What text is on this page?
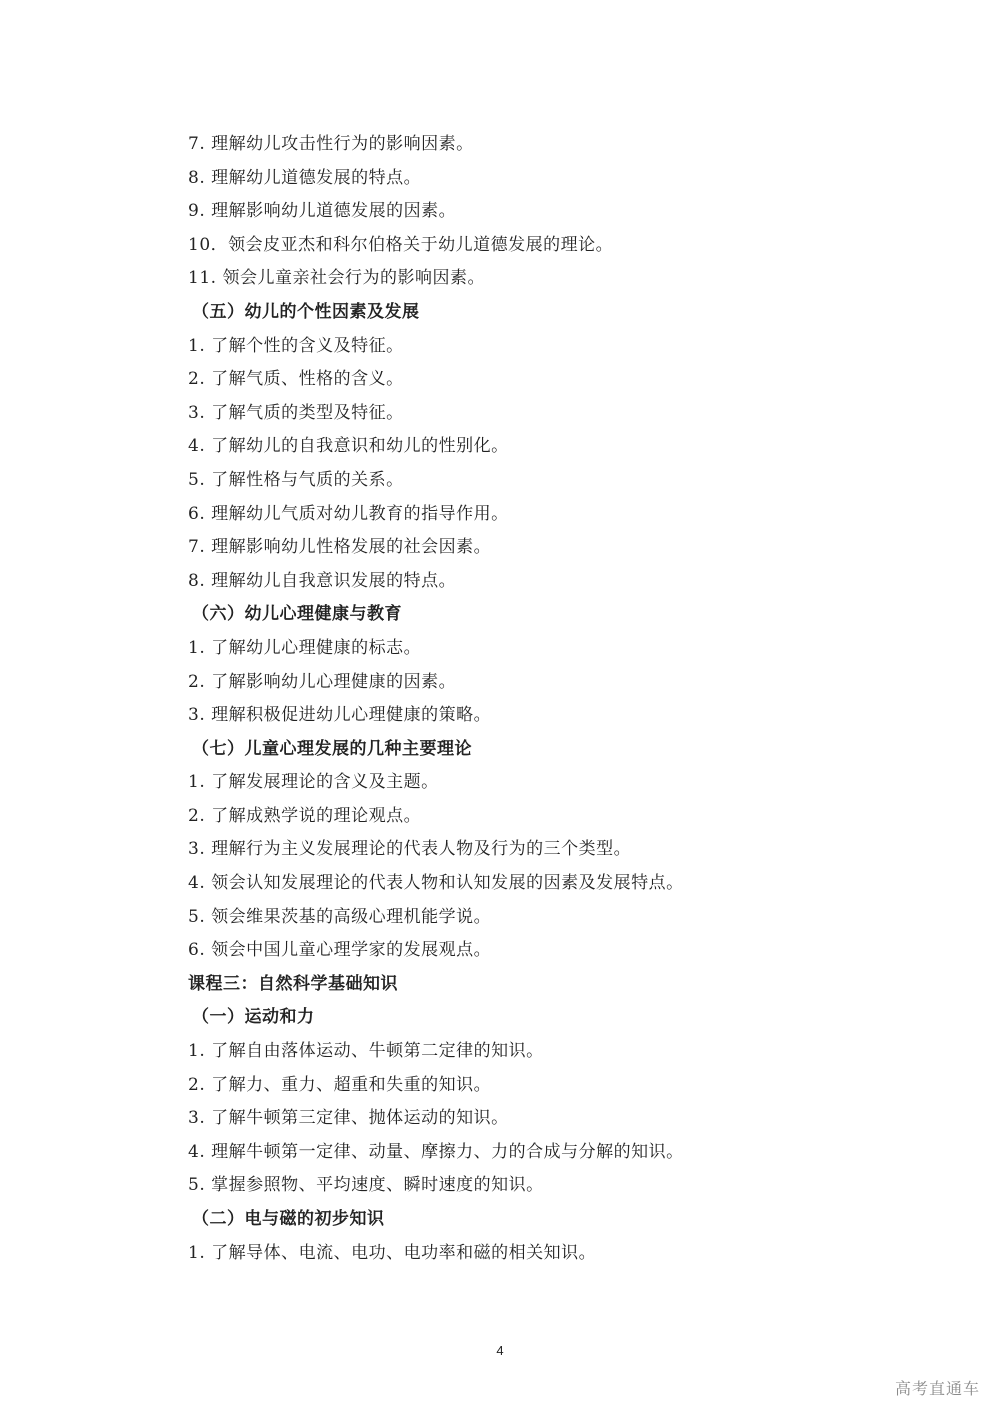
7. 理解幼儿攻击性行为的影响因素。
8. 理解幼儿道德发展的特点。
9. 理解影响幼儿道德发展的因素。
10．领会皮亚杰和科尔伯格关于幼儿道德发展的理论。
11. 领会儿童亲社会行为的影响因素。
（五）幼儿的个性因素及发展
1. 了解个性的含义及特征。
2. 了解气质、性格的含义。
3. 了解气质的类型及特征。
4. 了解幼儿的自我意识和幼儿的性别化。
5. 了解性格与气质的关系。
6. 理解幼儿气质对幼儿教育的指导作用。
7. 理解影响幼儿性格发展的社会因素。
8. 理解幼儿自我意识发展的特点。
（六）幼儿心理健康与教育
1. 了解幼儿心理健康的标志。
2. 了解影响幼儿心理健康的因素。
3. 理解积极促进幼儿心理健康的策略。
（七）儿童心理发展的几种主要理论
1. 了解发展理论的含义及主题。
2. 了解成熟学说的理论观点。
3. 理解行为主义发展理论的代表人物及行为的三个类型。
4. 领会认知发展理论的代表人物和认知发展的因素及发展特点。
5. 领会维果茨基的高级心理机能学说。
6. 领会中国儿童心理学家的发展观点。
课程三：自然科学基础知识
（一）运动和力
1. 了解自由落体运动、牛顿第二定律的知识。
2. 了解力、重力、超重和失重的知识。
3. 了解牛顿第三定律、抛体运动的知识。
4. 理解牛顿第一定律、动量、摩擦力、力的合成与分解的知识。
5. 掌握参照物、平均速度、瞬时速度的知识。
（二）电与磁的初步知识
1. 了解导体、电流、电功、电功率和磁的相关知识。
4
高考直通车
